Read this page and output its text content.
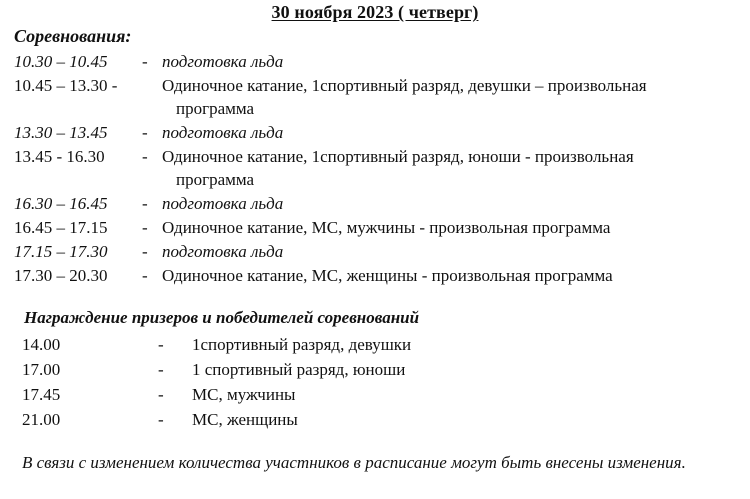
30 ноября 2023 ( четверг)
Соревнования:
10.30 – 10.45 - подготовка льда
10.45 – 13.30 -	Одиночное катание, 1спортивный разряд, девушки – произвольная
программа
13.30 – 13.45 - подготовка льда
13.45 - 16.30 - Одиночное катание, 1спортивный разряд, юноши - произвольная
программа
16.30 – 16.45 - подготовка льда
16.45 – 17.15 - Одиночное катание, МС, мужчины - произвольная программа
17.15 – 17.30 - подготовка льда
17.30 – 20.30 - Одиночное катание, МС, женщины - произвольная программа
Награждение призеров и победителей соревнований
14.00	- 1спортивный разряд, девушки
17.00	- 1 спортивный разряд, юноши
17.45	- МС, мужчины
21.00	-МС, женщины
В связи с изменением количества участников в расписание могут быть внесены изменения.
